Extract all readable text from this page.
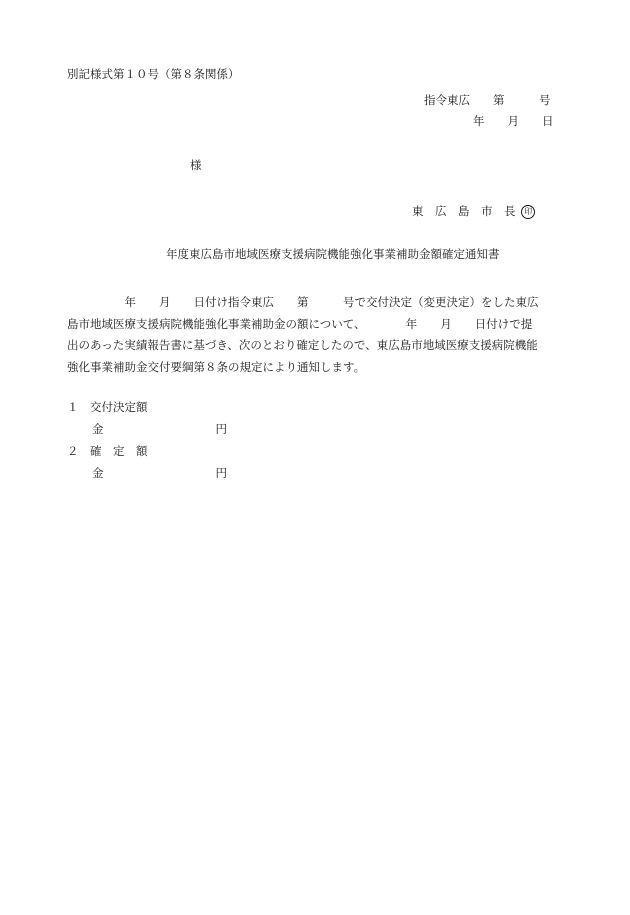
別記様式第１０号（第８条関係）
指令東広　　第　　　号
年　　月　　日
様
東　広　島　市　長 印
年度東広島市地域医療支援病院機能強化事業補助金額確定通知書
　　　　　年　　月　　日付け指令東広　　第　　　号で交付決定（変更決定）をした東広
島市地域医療支援病院機能強化事業補助金の額について、　　　　年　　月　　日付けで提
出のあった実績報告書に基づき、次のとおり確定したので、東広島市地域医療支援病院機能
強化事業補助金交付要綱第８条の規定により通知します。
１　交付決定額
金	円
２　確　定　額
金	円
